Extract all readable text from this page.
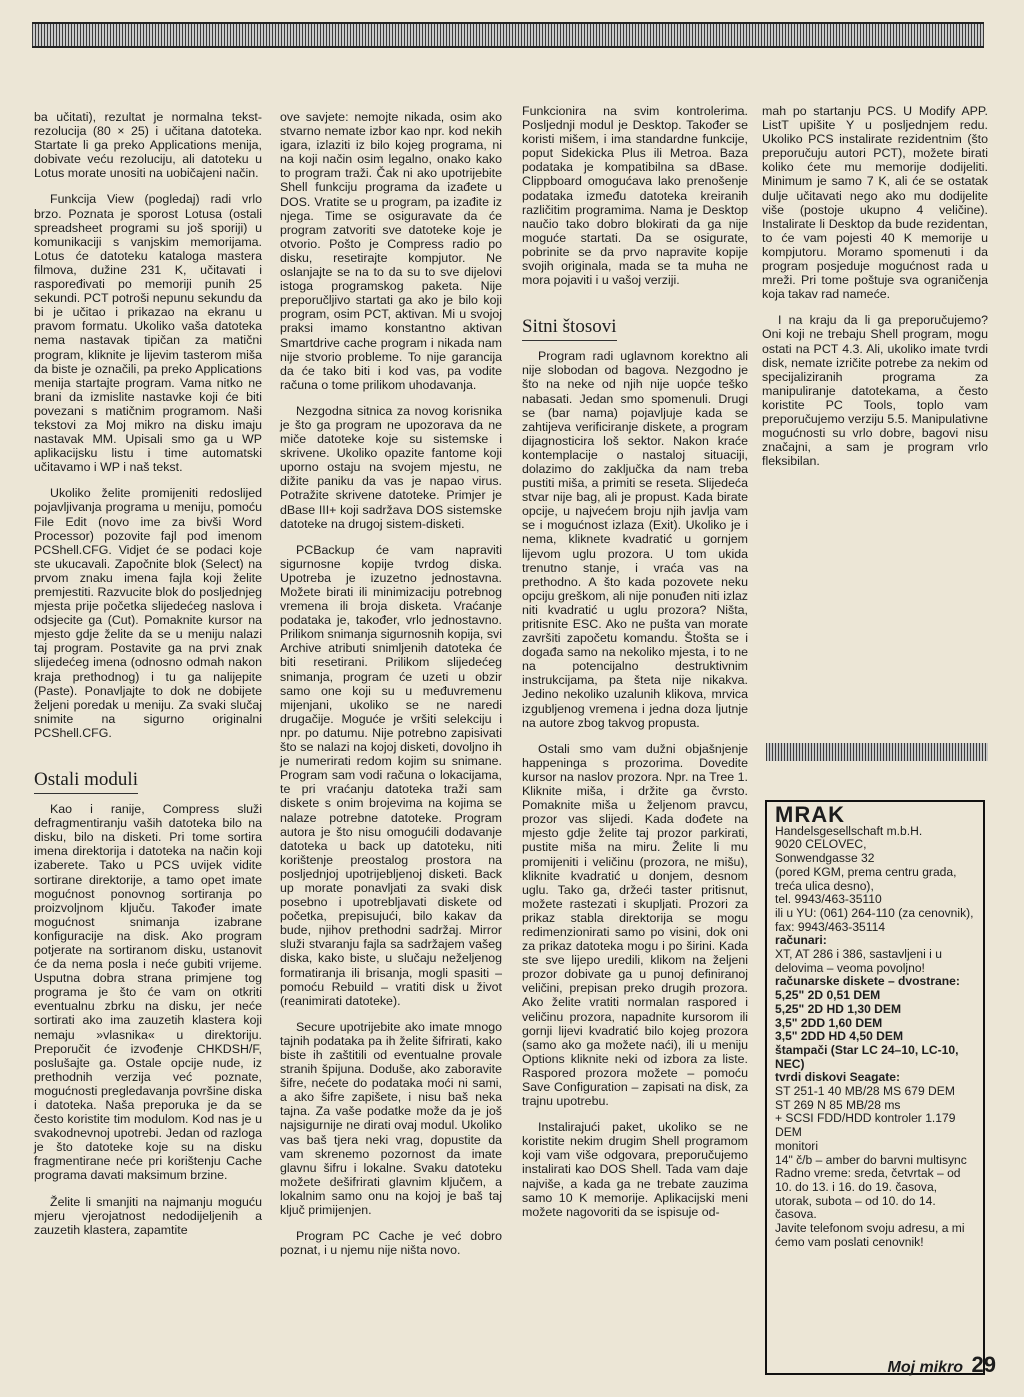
ba učitati), rezultat je normalna tekst-rezolucija (80 × 25) i učitana datoteka. Startate li ga preko Applications menija, dobivate veću rezoluciju, ali datoteku u Lotus morate unositi na uobičajeni način.

Funkcija View (pogledaj) radi vrlo brzo. Poznata je sporost Lotusa (ostali spreadsheet programi su još sporiji) u komunikaciji s vanjskim memorijama. Lotus će datoteku kataloga mastera filmova, dužine 231 K, učitavati i raspoređivati po memoriji punih 25 sekundi. PCT potroši nepunu sekundu da bi je učitao i prikazao na ekranu u pravom formatu. Ukoliko vaša datoteka nema nastavak tipičan za matični program, kliknite je lijevim tasterom miša da biste je označili, pa preko Applications menija startajte program. Vama nitko ne brani da izmislite nastavke koji će biti povezani s matičnim programom. Naši tekstovi za Moj mikro na disku imaju nastavak MM. Upisali smo ga u WP aplikacijsku listu i time automatski učitavamo i WP i naš tekst.

Ukoliko želite promijeniti redoslijed pojavljivanja programa u meniju, pomoću File Edit (novo ime za bivši Word Processor) pozovite fajl pod imenom PCShell.CFG. Vidjet će se podaci koje ste ukucavali. Započnite blok (Select) na prvom znaku imena fajla koji želite premjestiti. Razvucite blok do posljednjeg mjesta prije početka slijedećeg naslova i odsjecite ga (Cut). Pomaknite kursor na mjesto gdje želite da se u meniju nalazi taj program. Postavite ga na prvi znak slijedećeg imena (odnosno odmah nakon kraja prethodnog) i tu ga nalijepite (Paste). Ponavljajte to dok ne dobijete željeni poredak u meniju. Za svaki slučaj snimite na sigurno originalni PCShell.CFG.

Ostali moduli

Kao i ranije, Compress služi defragmentiranju vaših datoteka bilo na disku, bilo na disketi. Pri tome sortira imena direktorija i datoteka na način koji izaberete. Tako u PCS uvijek vidite sortirane direktorije, a tamo opet imate mogućnost ponovnog sortiranja po proizvoljnom ključu. Također imate mogućnost snimanja izabrane konfiguracije na disk. Ako program potjerate na sortiranom disku, ustanovit će da nema posla i neće gubiti vrijeme. Usputna dobra strana primjene tog programa je što će vam on otkriti eventualnu zbrku na disku, jer neće sortirati ako ima zauzetih klastera koji nemaju »vlasnika« u direktoriju. Preporučit će izvođenje CHKDSH/F, poslušajte ga. Ostale opcije nude, iz prethodnih verzija već poznate, mogućnosti pregledavanja površine diska i datoteka. Naša preporuka je da se često koristite tim modulom. Kod nas je u svakodnevnoj upotrebi. Jedan od razloga je što datoteke koje su na disku fragmentirane neće pri korištenju Cache programa davati maksimum brzine.

Želite li smanjiti na najmanju moguću mjeru vjerojatnost nedodijeljenih a zauzetih klastera, zapamtite

ove savjete: nemojte nikada, osim ako stvarno nemate izbor kao npr. kod nekih igara, izlaziti iz bilo kojeg programa, ni na koji način osim legalno, onako kako to program traži. Čak ni ako upotrijebite Shell funkciju programa da izađete u DOS. Vratite se u program, pa izađite iz njega. Time se osiguravate da će program zatvoriti sve datoteke koje je otvorio. Pošto je Compress radio po disku, resetirajte kompjutor. Ne oslanjajte se na to da su to sve dijelovi istoga programskog paketa. Nije preporučljivo startati ga ako je bilo koji program, osim PCT, aktivan. Mi u svojoj praksi imamo konstantno aktivan Smartdrive cache program i nikada nam nije stvorio probleme. To nije garancija da će tako biti i kod vas, pa vodite računa o tome prilikom uhodavanja.

Nezgodna sitnica za novog korisnika je što ga program ne upozorava da ne miče datoteke koje su sistemske i skrivene. Ukoliko opazite fantome koji uporno ostaju na svojem mjestu, ne dižite paniku da vas je napao virus. Potražite skrivene datoteke. Primjer je dBase III+ koji sadržava DOS sistemske datoteke na drugoj sistem-disketi.

PCBackup će vam napraviti sigurnosne kopije tvrdog diska. Upotreba je izuzetno jednostavna. Možete birati ili minimizaciju potrebnog vremena ili broja disketa. Vraćanje podataka je, također, vrlo jednostavno. Prilikom snimanja sigurnosnih kopija, svi Archive atributi snimljenih datoteka će biti resetirani. Prilikom slijedećeg snimanja, program će uzeti u obzir samo one koji su u međuvremenu mijenjani, ukoliko se ne naredi drugačije. Moguće je vršiti selekciju i npr. po datumu. Nije potrebno zapisivati što se nalazi na kojoj disketi, dovoljno ih je numerirati redom kojim su snimane. Program sam vodi računa o lokacijama, te pri vraćanju datoteka traži sam diskete s onim brojevima na kojima se nalaze potrebne datoteke. Program autora je što nisu omogućili dodavanje datoteka u back up datoteku, niti korištenje preostalog prostora na posljednjoj upotrijebljenoj disketi. Back up morate ponavljati za svaki disk posebno i upotrebljavati diskete od početka, prepisujući, bilo kakav da bude, njihov prethodni sadržaj. Mirror služi stvaranju fajla sa sadržajem vašeg diska, kako biste, u slučaju neželjenog formatiranja ili brisanja, mogli spasiti – pomoću Rebuild – vratiti disk u život (reanimirati datoteke).

Secure upotrijebite ako imate mnogo tajnih podataka pa ih želite šifrirati, kako biste ih zaštitili od eventualne provale stranih špijuna. Doduše, ako zaboravite šifre, nećete do podataka moći ni sami, a ako šifre zapišete, i nisu baš neka tajna. Za vaše podatke može da je još najsigurnije ne dirati ovaj modul. Ukoliko vas baš tjera neki vrag, dopustite da vam skrenemo pozornost da imate glavnu šifru i lokalne. Svaku datoteku možete dešifrirati glavnim ključem, a lokalnim samo onu na kojoj je baš taj ključ primijenjen.

Program PC Cache je već dobro poznat, i u njemu nije ništa novo.

Funkcionira na svim kontrolerima. Posljednji modul je Desktop. Također se koristi mišem, i ima standardne funkcije, poput Sidekicka Plus ili Metroa. Baza podataka je kompatibilna sa dBase. Clippboard omogućava lako prenošenje podataka između datoteka kreiranih različitim programima. Nama je Desktop naučio tako dobro blokirati da ga nije moguće startati. Da se osigurate, pobrinite se da prvo napravite kopije svojih originala, mada se ta muha ne mora pojaviti i u vašoj verziji.

Sitni štosovi

Program radi uglavnom korektno ali nije slobodan od bagova. Nezgodno je što na neke od njih nije uopće teško nabasati. Jedan smo spomenuli. Drugi se (bar nama) pojavljuje kada se zahtijeva verificiranje diskete, a program dijagnosticira loš sektor. Nakon kraće kontemplacije o nastaloj situaciji, dolazimo do zaključka da nam treba pustiti miša, a primiti se reseta. Slijedeća stvar nije bag, ali je propust. Kada birate opcije, u najvećem broju njih javlja vam se i mogućnost izlaza (Exit). Ukoliko je i nema, kliknete kvadratić u gornjem lijevom uglu prozora. U tom ukida trenutno stanje, i vraća vas na prethodno. A što kada pozovete neku opciju greškom, ali nije ponuđen niti izlaz niti kvadratić u uglu prozora? Ništa, pritisnite ESC. Ako ne pušta van morate završiti započetu komandu. Štošta se i događa samo na nekoliko mjesta, i to ne na potencijalno destruktivnim instrukcijama, pa šteta nije nikakva. Jedino nekoliko uzalunih klikova, mrvica izgubljenog vremena i jedna doza ljutnje na autore zbog takvog propusta.

Ostali smo vam dužni objašnjenje happeninga s prozorima. Dovedite kursor na naslov prozora. Npr. na Tree 1. Kliknite miša, i držite ga čvrsto. Pomaknite miša u željenom pravcu, prozor vas slijedi. Kada dođete na mjesto gdje želite taj prozor parkirati, pustite miša na miru. Želite li mu promijeniti i veličinu (prozora, ne mišu), kliknite kvadratić u donjem, desnom uglu. Tako ga, držeći taster pritisnut, možete rastezati i skupljati. Prozori za prikaz stabla direktorija se mogu redimenzionirati samo po visini, dok oni za prikaz datoteka mogu i po širini. Kada ste sve lijepo uredili, klikom na željeni prozor dobivate ga u punoj definiranoj veličini, prepisan preko drugih prozora. Ako želite vratiti normalan raspored i veličinu prozora, napadnite kursorom ili gornji lijevi kvadratić bilo kojeg prozora (samo ako ga možete naći), ili u meniju Options kliknite neki od izbora za liste. Raspored prozora možete – pomoću Save Configuration – zapisati na disk, za trajnu upotrebu.

Instalirajući paket, ukoliko se ne koristite nekim drugim Shell programom koji vam više odgovara, preporučujemo instalirati kao DOS Shell. Tada vam daje najviše, a kada ga ne trebate zauzima samo 10 K memorije. Aplikacijski meni možete nagovoriti da se ispisuje od-

mah po startanju PCS. U Modify APP. ListT upišite Y u posljednjem redu. Ukoliko PCS instalirate rezidentnim (što preporučuju autori PCT), možete birati koliko ćete mu memorije dodijeliti. Minimum je samo 7 K, ali će se ostatak dulje učitavati nego ako mu dodijelite više (postoje ukupno 4 veličine). Instalirate li Desktop da bude rezidentan, to će vam pojesti 40 K memorije u kompjutoru. Moramo spomenuti i da program posjeduje mogućnost rada u mreži. Pri tome poštuje sva ograničenja koja takav rad nameće.

I na kraju da li ga preporučujemo? Oni koji ne trebaju Shell program, mogu ostati na PCT 4.3. Ali, ukoliko imate tvrdi disk, nemate izričite potrebe za nekim od specijaliziranih programa za manipuliranje datotekama, a često koristite PC Tools, toplo vam preporučujemo verziju 5.5. Manipulativne mogućnosti su vrlo dobre, bagovi nisu značajni, a sam je program vrlo fleksibilan.

MRAK
Handelsgesellschaft m.b.H.
9020 CELOVEC,
Sonwendgasse 32
(pored KGM, prema centru grada, treća ulica desno),
tel. 9943/463-35110
ili u YU: (061) 264-110 (za cenovnik),
fax: 9943/463-35114
računari:
XT, AT 286 i 386, sastavljeni i u delovima – veoma povoljno!
računarske diskete – dvostrane:
5,25" 2D 0,51 DEM
5,25" 2D HD 1,30 DEM
3,5" 2DD 1,60 DEM
3,5" 2DD HD 4,50 DEM
štampači (Star LC 24–10, LC-10, NEC)
tvrdi diskovi Seagate:
ST 251-1 40 MB/28 MS 679 DEM
ST 269 N 85 MB/28 ms
+ SCSI FDD/HDD kontroler 1.179 DEM
monitori
14" č/b – amber do barvni multisync
Radno vreme: sreda, četvrtak – od 10. do 13. i 16. do 19. časova, utorak, subota – od 10. do 14. časova.
Javite telefonom svoju adresu, a mi ćemo vam poslati cenovnik!
Moj mikro 29
